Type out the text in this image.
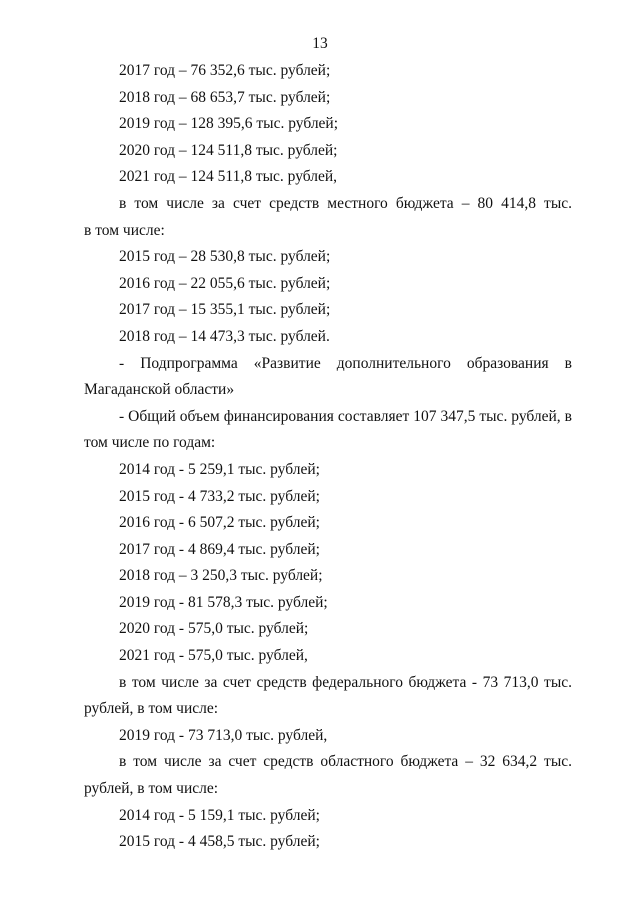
13
2017 год – 76 352,6 тыс. рублей;
2018 год – 68 653,7 тыс. рублей;
2019 год – 128 395,6 тыс. рублей;
2020 год – 124 511,8 тыс. рублей;
2021 год – 124 511,8 тыс. рублей,
в том числе за счет средств местного бюджета – 80 414,8 тыс.
в том числе:
2015 год – 28 530,8 тыс. рублей;
2016 год – 22 055,6 тыс. рублей;
2017 год – 15 355,1 тыс. рублей;
2018 год – 14 473,3 тыс. рублей.
- Подпрограмма «Развитие дополнительного образования в
Магаданской области»
- Общий объем финансирования составляет 107 347,5 тыс. рублей, в
том числе по годам:
2014 год - 5 259,1 тыс. рублей;
2015 год - 4 733,2 тыс. рублей;
2016 год - 6 507,2 тыс. рублей;
2017 год - 4 869,4 тыс. рублей;
2018 год – 3 250,3 тыс. рублей;
2019 год - 81 578,3 тыс. рублей;
2020 год - 575,0 тыс. рублей;
2021 год - 575,0 тыс. рублей,
в том числе за счет средств федерального бюджета - 73 713,0 тыс.
рублей, в том числе:
2019 год - 73 713,0 тыс. рублей,
в том числе за счет средств областного бюджета – 32 634,2 тыс.
рублей, в том числе:
2014 год - 5 159,1 тыс. рублей;
2015 год - 4 458,5 тыс. рублей;
